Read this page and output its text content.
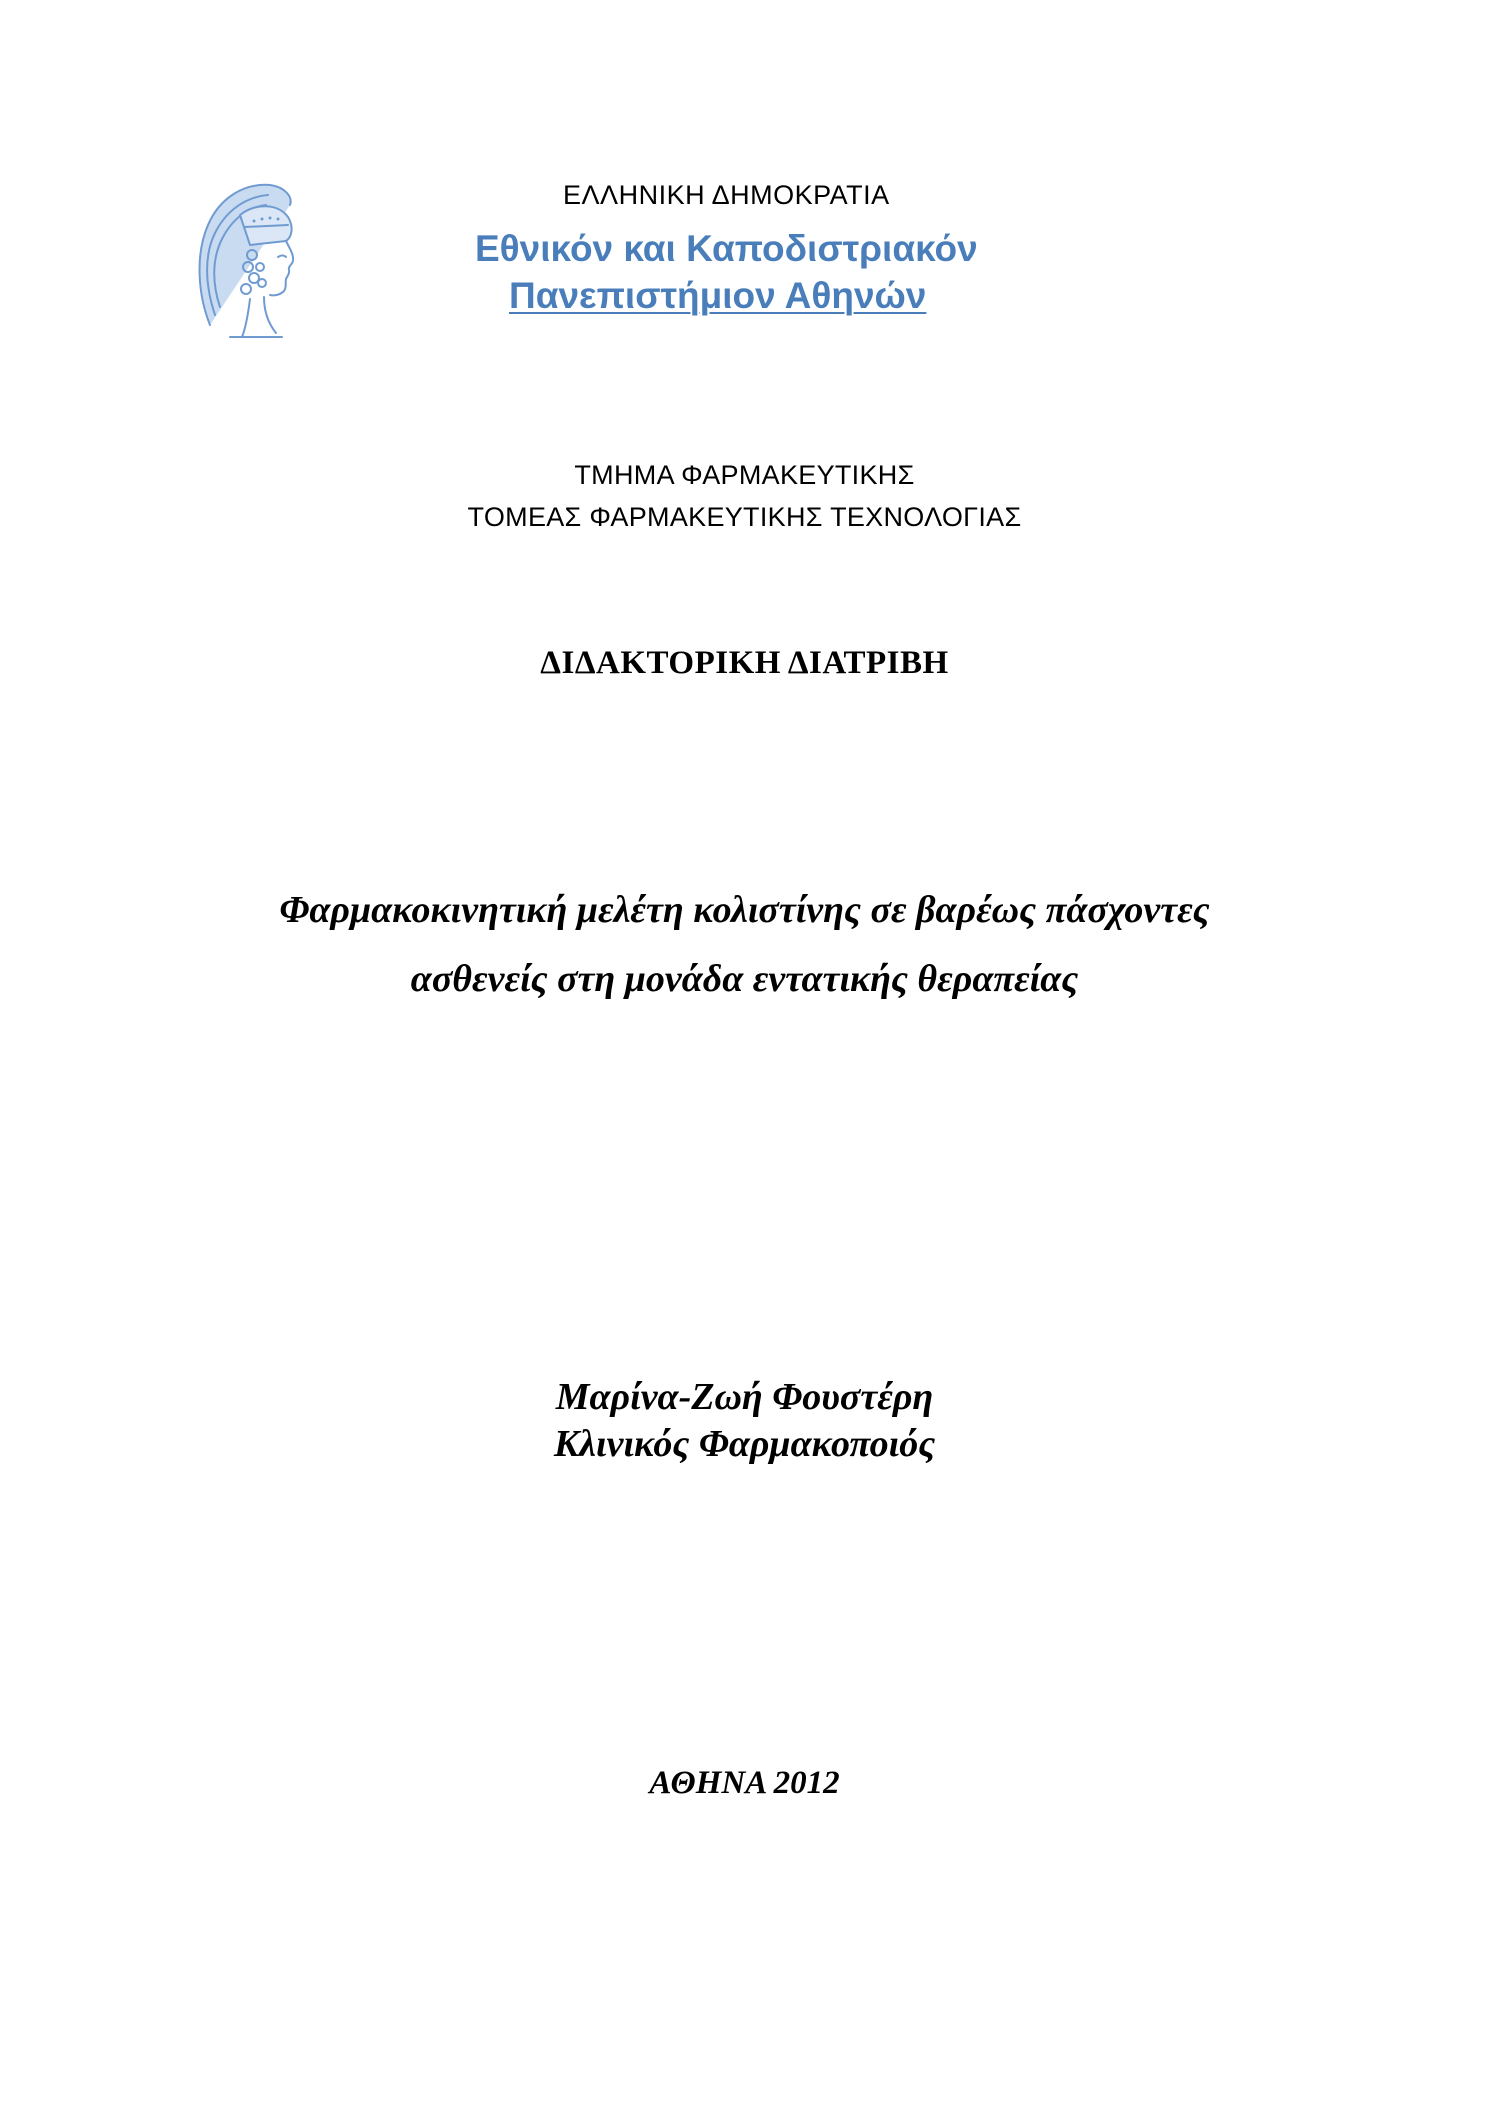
ΕΛΛΗΝΙΚΗ ΔΗΜΟΚΡΑΤΙΑ
Εθνικόν και Καποδιστριακόν
Πανεπιστήμιον Αθηνών
ΤΜΗΜΑ ΦΑΡΜΑΚΕΥΤΙΚΗΣ
ΤΟΜΕΑΣ ΦΑΡΜΑΚΕΥΤΙΚΗΣ ΤΕΧΝΟΛΟΓΙΑΣ
ΔΙΔΑΚΤΟΡΙΚΗ ΔΙΑΤΡΙΒΗ
Φαρμακοκινητική μελέτη κολιστίνης σε βαρέως πάσχοντες
ασθενείς στη μονάδα εντατικής θεραπείας
Μαρίνα-Ζωή Φουστέρη
Κλινικός Φαρμακοποιός
ΑΘΗΝΑ 2012
